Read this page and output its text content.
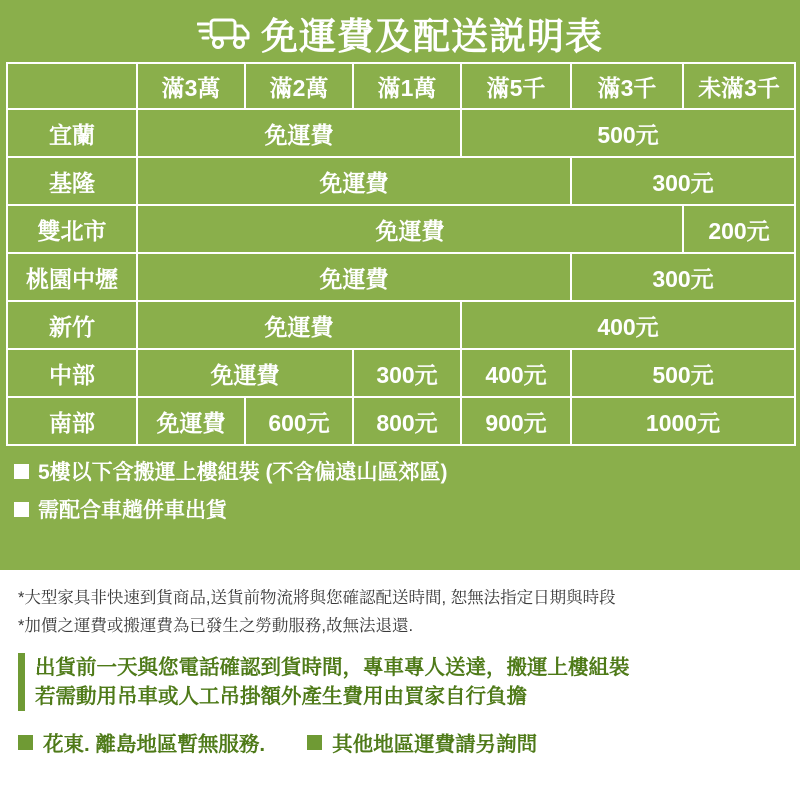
免運費及配送説明表
	滿3萬	滿2萬	滿1萬	滿5千	滿3千	未滿3千
宜蘭	免運費			500元		
基隆	免運費				300元	
雙北市	免運費					200元
桃園中壢	免運費				300元	
新竹	免運費			400元		
中部	免運費		300元	400元	500元	
南部	免運費	600元	800元	900元	1000元	
5樓以下含搬運上樓組裝 (不含偏遠山區郊區)
需配合車趟併車出貨
*大型家具非快速到貨商品,送貨前物流將與您確認配送時間, 恕無法指定日期與時段
*加價之運費或搬運費為已發生之勞動服務,故無法退還.
出貨前一天與您電話確認到貨時間，專車專人送達，搬運上樓組裝
若需動用吊車或人工吊掛額外產生費用由買家自行負擔
花東. 離島地區暫無服務.	其他地區運費請另詢問
